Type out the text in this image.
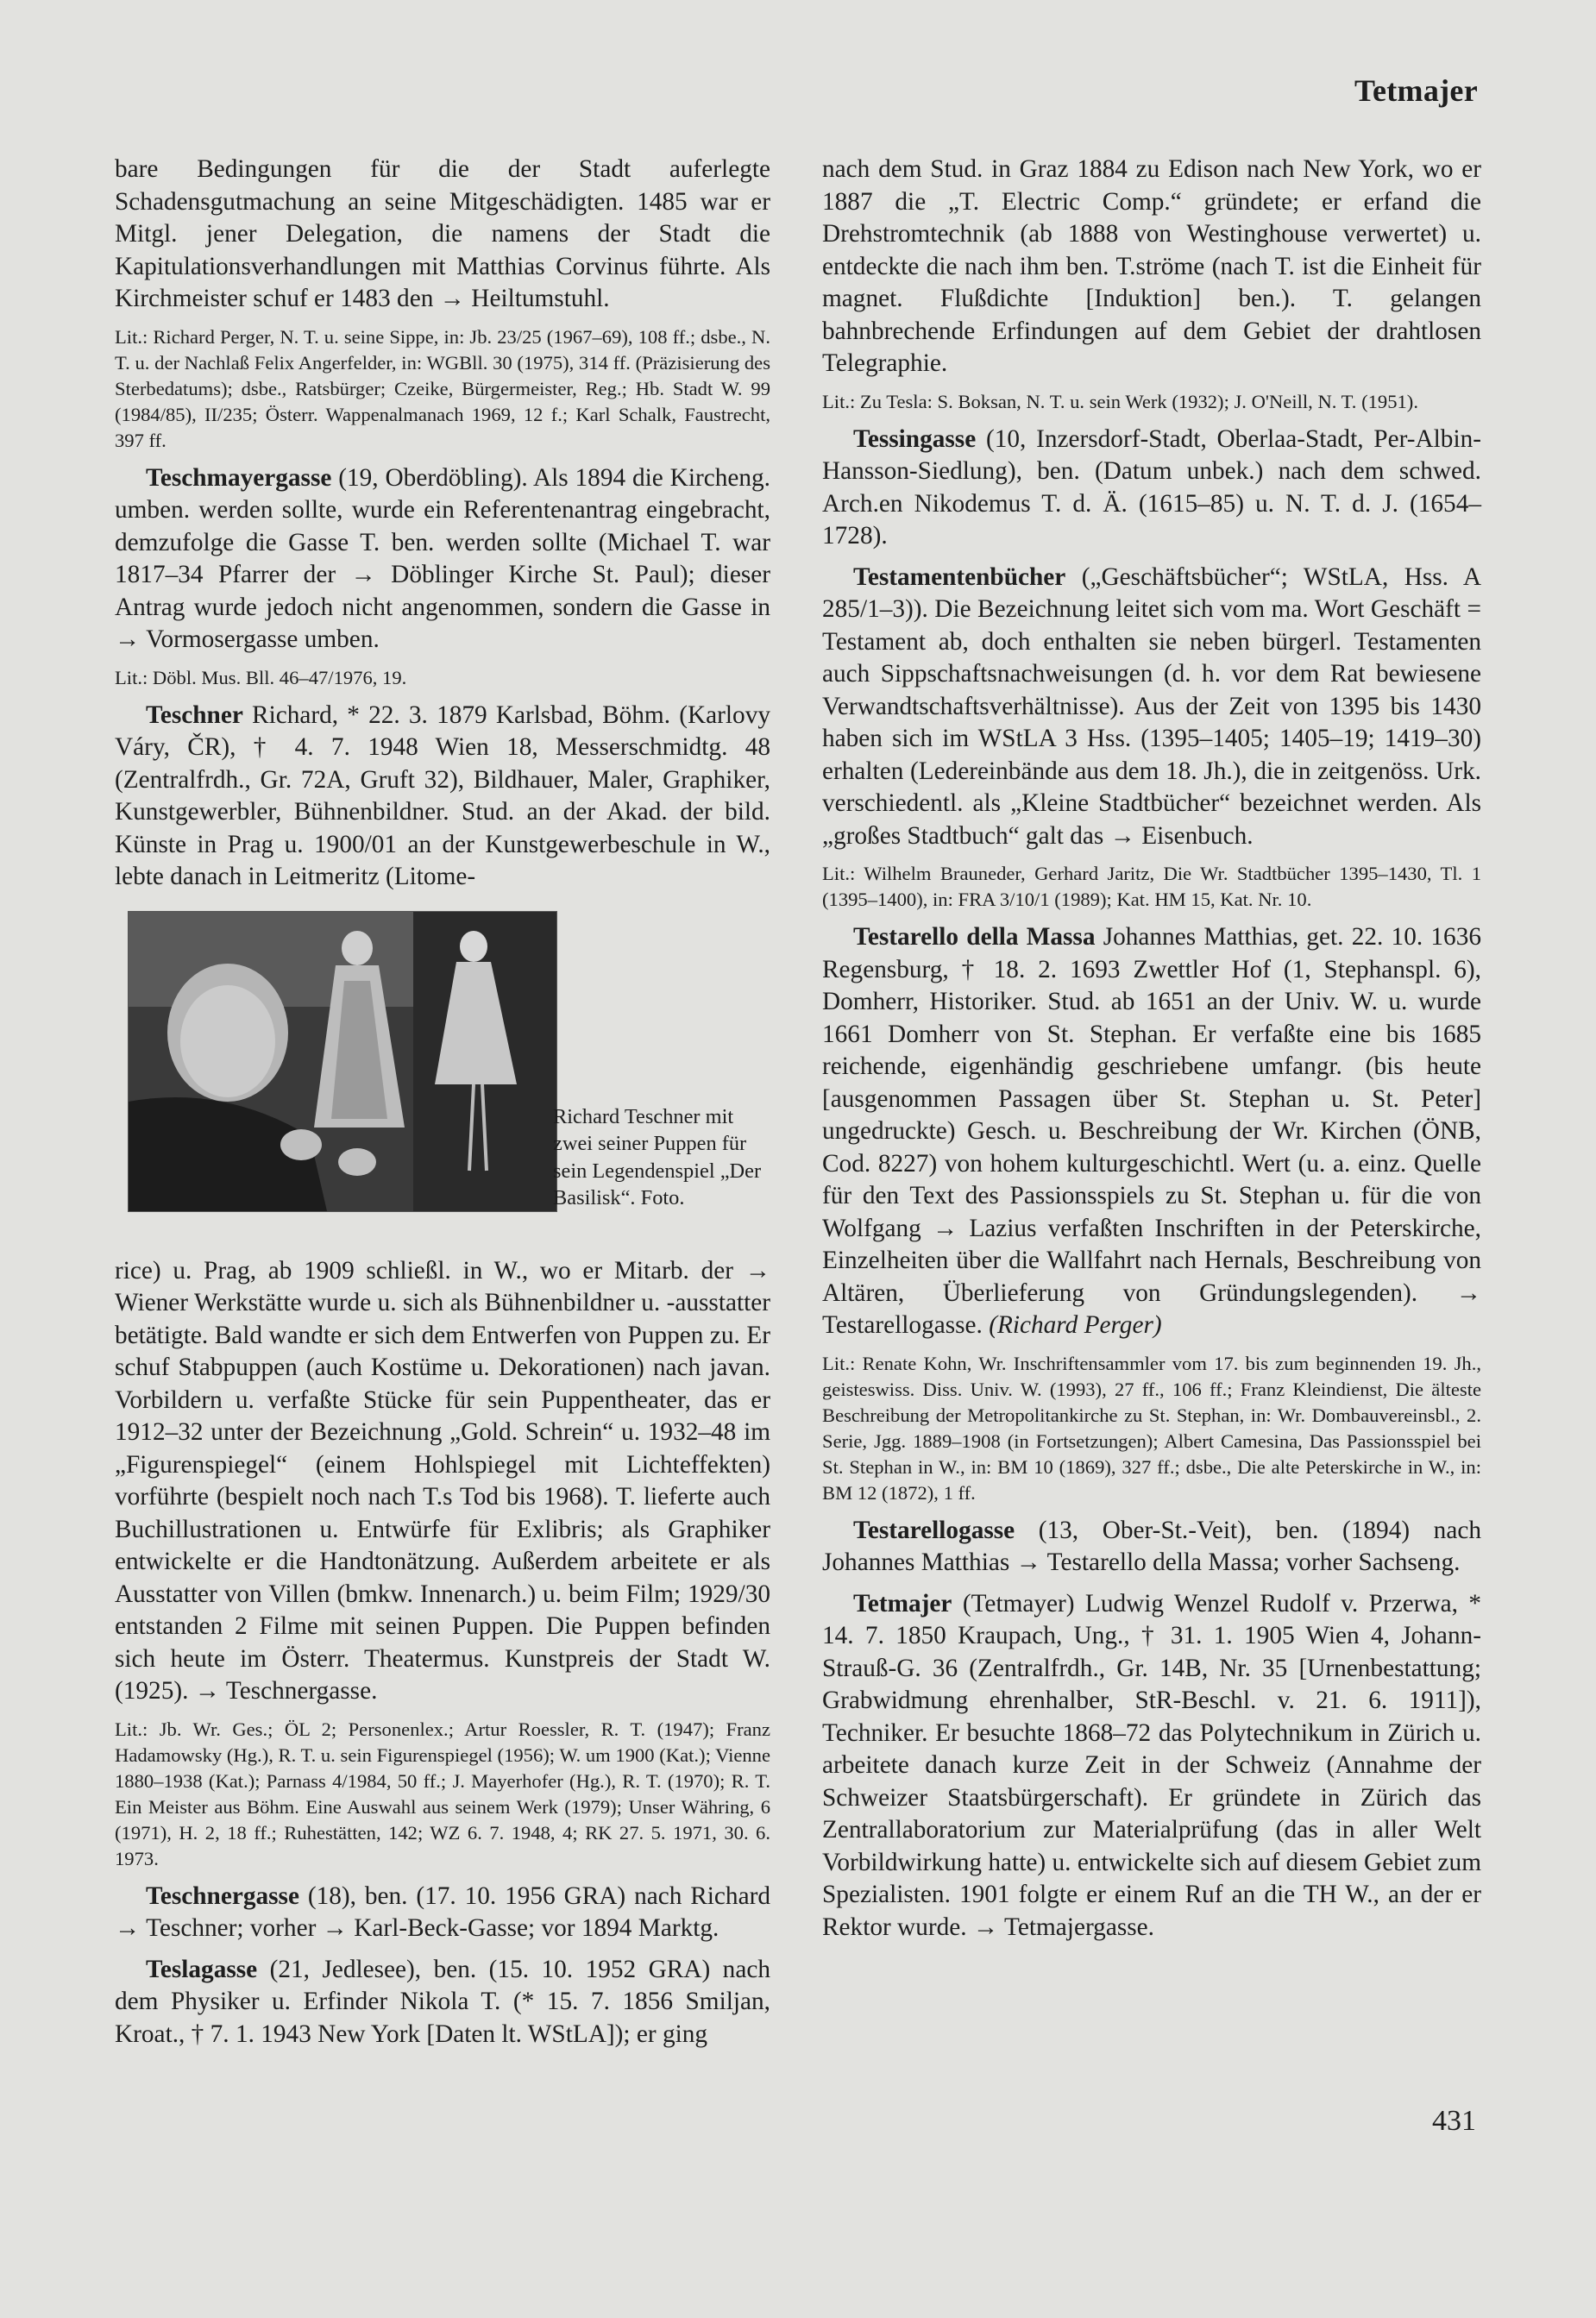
Tetmajer

bare Bedingungen für die der Stadt auferlegte Schadensgutmachung an seine Mitgeschädigten. 1485 war er Mitgl. jener Delegation, die namens der Stadt die Kapitulationsverhandlungen mit Matthias Corvinus führte. Als Kirchmeister schuf er 1483 den → Heiltumstuhl.

Lit.: Richard Perger, N. T. u. seine Sippe, in: Jb. 23/25 (1967–69), 108 ff.; dsbe., N. T. u. der Nachlaß Felix Angerfelder, in: WGBll. 30 (1975), 314 ff. (Präzisierung des Sterbedatums); dsbe., Ratsbürger; Czeike, Bürgermeister, Reg.; Hb. Stadt W. 99 (1984/85), II/235; Österr. Wappenalmanach 1969, 12 f.; Karl Schalk, Faustrecht, 397 ff.

Teschmayergasse (19, Oberdöbling). Als 1894 die Kircheng. umben. werden sollte, wurde ein Referentenantrag eingebracht, demzufolge die Gasse T. ben. werden sollte (Michael T. war 1817–34 Pfarrer der → Döblinger Kirche St. Paul); dieser Antrag wurde jedoch nicht angenommen, sondern die Gasse in → Vormosergasse umben.

Lit.: Döbl. Mus. Bll. 46–47/1976, 19.

Teschner Richard, * 22. 3. 1879 Karlsbad, Böhm. (Karlovy Váry, ČR), † 4. 7. 1948 Wien 18, Messerschmidtg. 48 (Zentralfrdh., Gr. 72A, Gruft 32), Bildhauer, Maler, Graphiker, Kunstgewerbler, Bühnenbildner. Stud. an der Akad. der bild. Künste in Prag u. 1900/01 an der Kunstgewerbeschule in W., lebte danach in Leitmeritz (Litome-

Richard Teschner mit zwei seiner Puppen für sein Legendenspiel „Der Basilisk“. Foto.

rice) u. Prag, ab 1909 schließl. in W., wo er Mitarb. der → Wiener Werkstätte wurde u. sich als Bühnenbildner u. -ausstatter betätigte. Bald wandte er sich dem Entwerfen von Puppen zu. Er schuf Stabpuppen (auch Kostüme u. Dekorationen) nach javan. Vorbildern u. verfaßte Stücke für sein Puppentheater, das er 1912–32 unter der Bezeichnung „Gold. Schrein“ u. 1932–48 im „Figurenspiegel“ (einem Hohlspiegel mit Lichteffekten) vorführte (bespielt noch nach T.s Tod bis 1968). T. lieferte auch Buchillustrationen u. Entwürfe für Exlibris; als Graphiker entwickelte er die Handtonätzung. Außerdem arbeitete er als Ausstatter von Villen (bmkw. Innenarch.) u. beim Film; 1929/30 entstanden 2 Filme mit seinen Puppen. Die Puppen befinden sich heute im Österr. Theatermus. Kunstpreis der Stadt W. (1925). → Teschnergasse.

Lit.: Jb. Wr. Ges.; ÖL 2; Personenlex.; Artur Roessler, R. T. (1947); Franz Hadamowsky (Hg.), R. T. u. sein Figurenspiegel (1956); W. um 1900 (Kat.); Vienne 1880–1938 (Kat.); Parnass 4/1984, 50 ff.; J. Mayerhofer (Hg.), R. T. (1970); R. T. Ein Meister aus Böhm. Eine Auswahl aus seinem Werk (1979); Unser Währing, 6 (1971), H. 2, 18 ff.; Ruhestätten, 142; WZ 6. 7. 1948, 4; RK 27. 5. 1971, 30. 6. 1973.

Teschnergasse (18), ben. (17. 10. 1956 GRA) nach Richard → Teschner; vorher → Karl-Beck-Gasse; vor 1894 Marktg.

Teslagasse (21, Jedlesee), ben. (15. 10. 1952 GRA) nach dem Physiker u. Erfinder Nikola T. (* 15. 7. 1856 Smiljan, Kroat., † 7. 1. 1943 New York [Daten lt. WStLA]); er ging

nach dem Stud. in Graz 1884 zu Edison nach New York, wo er 1887 die „T. Electric Comp.“ gründete; er erfand die Drehstromtechnik (ab 1888 von Westinghouse verwertet) u. entdeckte die nach ihm ben. T.ströme (nach T. ist die Einheit für magnet. Flußdichte [Induktion] ben.). T. gelangen bahnbrechende Erfindungen auf dem Gebiet der drahtlosen Telegraphie.

Lit.: Zu Tesla: S. Boksan, N. T. u. sein Werk (1932); J. O'Neill, N. T. (1951).

Tessingasse (10, Inzersdorf-Stadt, Oberlaa-Stadt, Per-Albin-Hansson-Siedlung), ben. (Datum unbek.) nach dem schwed. Arch.en Nikodemus T. d. Ä. (1615–85) u. N. T. d. J. (1654–1728).

Testamentenbücher („Geschäftsbücher“; WStLA, Hss. A 285/1–3)). Die Bezeichnung leitet sich vom ma. Wort Geschäft = Testament ab, doch enthalten sie neben bürgerl. Testamenten auch Sippschaftsnachweisungen (d. h. vor dem Rat bewiesene Verwandtschaftsverhältnisse). Aus der Zeit von 1395 bis 1430 haben sich im WStLA 3 Hss. (1395–1405; 1405–19; 1419–30) erhalten (Ledereinbände aus dem 18. Jh.), die in zeitgenöss. Urk. verschiedentl. als „Kleine Stadtbücher“ bezeichnet werden. Als „großes Stadtbuch“ galt das → Eisenbuch.

Lit.: Wilhelm Brauneder, Gerhard Jaritz, Die Wr. Stadtbücher 1395–1430, Tl. 1 (1395–1400), in: FRA 3/10/1 (1989); Kat. HM 15, Kat. Nr. 10.

Testarello della Massa Johannes Matthias, get. 22. 10. 1636 Regensburg, † 18. 2. 1693 Zwettler Hof (1, Stephanspl. 6), Domherr, Historiker. Stud. ab 1651 an der Univ. W. u. wurde 1661 Domherr von St. Stephan. Er verfaßte eine bis 1685 reichende, eigenhändig geschriebene umfangr. (bis heute [ausgenommen Passagen über St. Stephan u. St. Peter] ungedruckte) Gesch. u. Beschreibung der Wr. Kirchen (ÖNB, Cod. 8227) von hohem kulturgeschichtl. Wert (u. a. einz. Quelle für den Text des Passionsspiels zu St. Stephan u. für die von Wolfgang → Lazius verfaßten Inschriften in der Peterskirche, Einzelheiten über die Wallfahrt nach Hernals, Beschreibung von Altären, Überlieferung von Gründungslegenden). → Testarellogasse. (Richard Perger)

Lit.: Renate Kohn, Wr. Inschriftensammler vom 17. bis zum beginnenden 19. Jh., geisteswiss. Diss. Univ. W. (1993), 27 ff., 106 ff.; Franz Kleindienst, Die älteste Beschreibung der Metropolitankirche zu St. Stephan, in: Wr. Dombauvereinsbl., 2. Serie, Jgg. 1889–1908 (in Fortsetzungen); Albert Camesina, Das Passionsspiel bei St. Stephan in W., in: BM 10 (1869), 327 ff.; dsbe., Die alte Peterskirche in W., in: BM 12 (1872), 1 ff.

Testarellogasse (13, Ober-St.-Veit), ben. (1894) nach Johannes Matthias → Testarello della Massa; vorher Sachseng.

Tetmajer (Tetmayer) Ludwig Wenzel Rudolf v. Przerwa, * 14. 7. 1850 Kraupach, Ung., † 31. 1. 1905 Wien 4, Johann-Strauß-G. 36 (Zentralfrdh., Gr. 14B, Nr. 35 [Urnenbestattung; Grabwidmung ehrenhalber, StR-Beschl. v. 21. 6. 1911]), Techniker. Er besuchte 1868–72 das Polytechnikum in Zürich u. arbeitete danach kurze Zeit in der Schweiz (Annahme der Schweizer Staatsbürgerschaft). Er gründete in Zürich das Zentrallaboratorium zur Materialprüfung (das in aller Welt Vorbildwirkung hatte) u. entwickelte sich auf diesem Gebiet zum Spezialisten. 1901 folgte er einem Ruf an die TH W., an der er Rektor wurde. → Tetmajergasse.

431
